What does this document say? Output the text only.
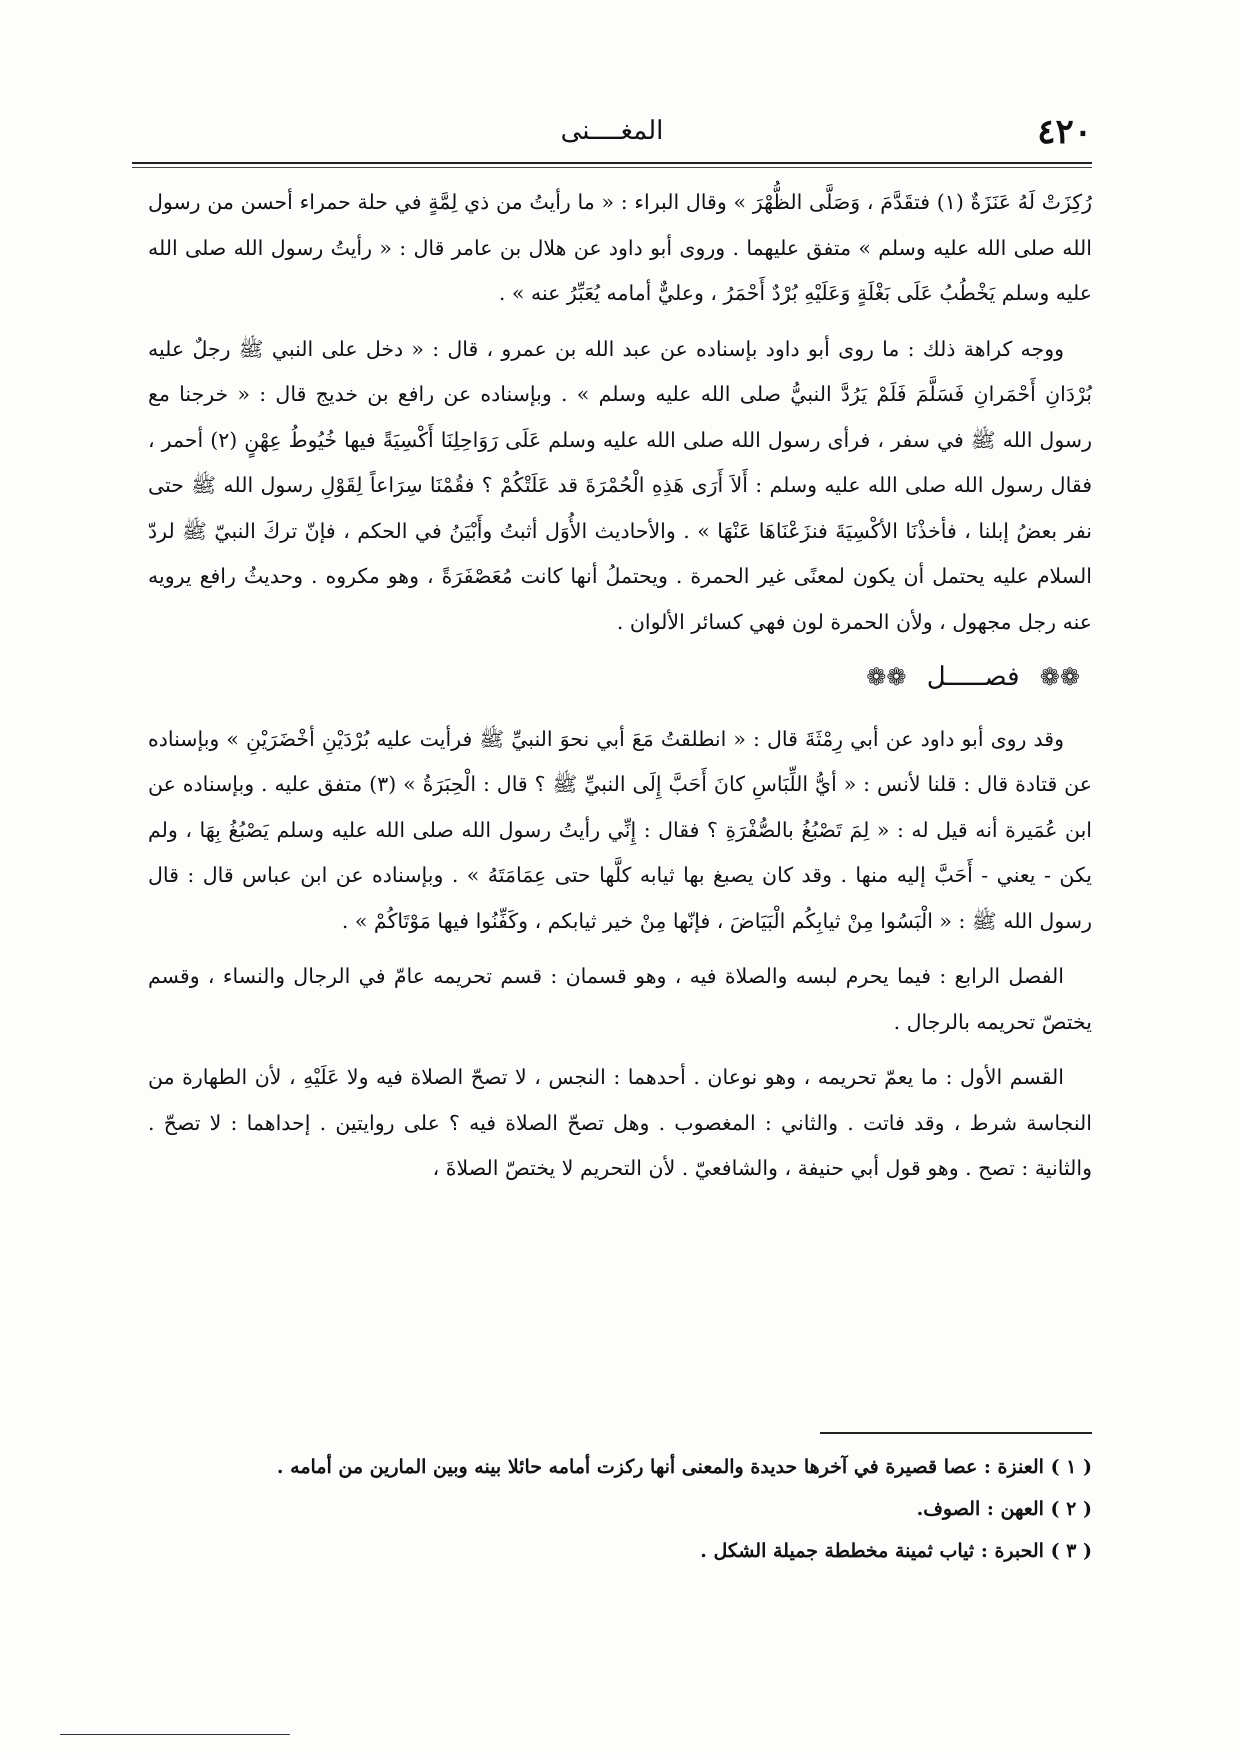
٤٢٠
المغــــنى

رُكِزَتْ لَهُ عَنَزَةٌ (١) فتقَدَّمَ ، وَصَلَّى الظُّهْرَ » وقال البراء : « ما رأيتُ من ذي لِمَّةٍ في حلة حمراء أحسن من رسول الله صلى الله عليه وسلم » متفق عليهما . وروى أبو داود عن هلال بن عامر قال : « رأيتُ رسول الله صلى الله عليه وسلم يَخْطُبُ عَلَى بَغْلَةٍ وَعَلَيْهِ بُرْدٌ أَحْمَرُ ، وعليٌّ أمامه يُعَبِّرُ عنه » .

ووجه كراهة ذلك : ما روى أبو داود بإسناده عن عبد الله بن عمرو ، قال : « دخل على النبي ﷺ رجلٌ عليه بُرْدَانِ أَحْمَرانِ فَسَلَّمَ فَلَمْ يَرُدَّ النبيُّ صلى الله عليه وسلم » . وبإسناده عن رافع بن خديج قال : « خرجنا مع رسول الله ﷺ في سفر ، فرأى رسول الله صلى الله عليه وسلم عَلَى رَوَاحِلِنَا أَكْسِيَةً فيها خُيُوطُ عِهْنٍ (٢) أحمر ، فقال رسول الله صلى الله عليه وسلم : أَلاَ أَرَى هَذِهِ الْحُمْرَةَ قد عَلَتْكُمْ ؟ فقُمْنَا سِرَاعاً لِقَوْلِ رسول الله ﷺ حتى نفر بعضُ إبلنا ، فأخذْنَا الأكْسِيَةَ فنزَعْنَاهَا عَنْهَا » . والأحاديث الأُوَل أثبتُ وأَبْيَنُ في الحكم ، فإنّ تركَ النبيّ ﷺ لردّ السلام عليه يحتمل أن يكون لمعنًى غير الحمرة . ويحتملُ أنها كانت مُعَصْفَرَةً ، وهو مكروه . وحديثُ رافع يرويه عنه رجل مجهول ، ولأن الحمرة لون فهي كسائر الألوان .

❁❁ فصـــــل ❁❁

وقد روى أبو داود عن أبي رِمْثَةَ قال : « انطلقتُ مَعَ أبي نحوَ النبيِّ ﷺ فرأيت عليه بُرْدَيْنِ أخْضَرَيْنِ » وبإسناده عن قتادة قال : قلنا لأنس : « أيُّ اللِّبَاسِ كانَ أَحَبَّ إِلَى النبيِّ ﷺ ؟ قال : الْحِبَرَةُ » (٣) متفق عليه . وبإسناده عن ابن عُمَيرة أنه قيل له : « لِمَ تَصْبُغُ بالصُّفْرَةِ ؟ فقال : إِنِّي رأيتُ رسول الله صلى الله عليه وسلم يَصْبُغُ بِهَا ، ولم يكن - يعني - أَحَبَّ إليه منها . وقد كان يصبغ بها ثيابه كلَّها حتى عِمَامَتَهُ » . وبإسناده عن ابن عباس قال : قال رسول الله ﷺ : « الْبَسُوا مِنْ ثيابِكُم الْبَيَاضَ ، فإنّها مِنْ خير ثيابكم ، وكَفِّنُوا فيها مَوْتَاكُمْ » .

الفصل الرابع : فيما يحرم لبسه والصلاة فيه ، وهو قسمان : قسم تحريمه عامّ في الرجال والنساء ، وقسم يختصّ تحريمه بالرجال .

القسم الأول : ما يعمّ تحريمه ، وهو نوعان . أحدهما : النجس ، لا تصحّ الصلاة فيه ولا عَلَيْهِ ، لأن الطهارة من النجاسة شرط ، وقد فاتت . والثاني : المغصوب . وهل تصحّ الصلاة فيه ؟ على روايتين . إحداهما : لا تصحّ . والثانية : تصح . وهو قول أبي حنيفة ، والشافعيّ . لأن التحريم لا يختصّ الصلاةَ ،

( ١ ) العنزة : عصا قصيرة في آخرها حديدة والمعنى أنها ركزت أمامه حائلا بينه وبين المارين من أمامه .

( ٢ ) العهن : الصوف.

( ٣ ) الحبرة : ثياب ثمينة مخططة جميلة الشكل .
